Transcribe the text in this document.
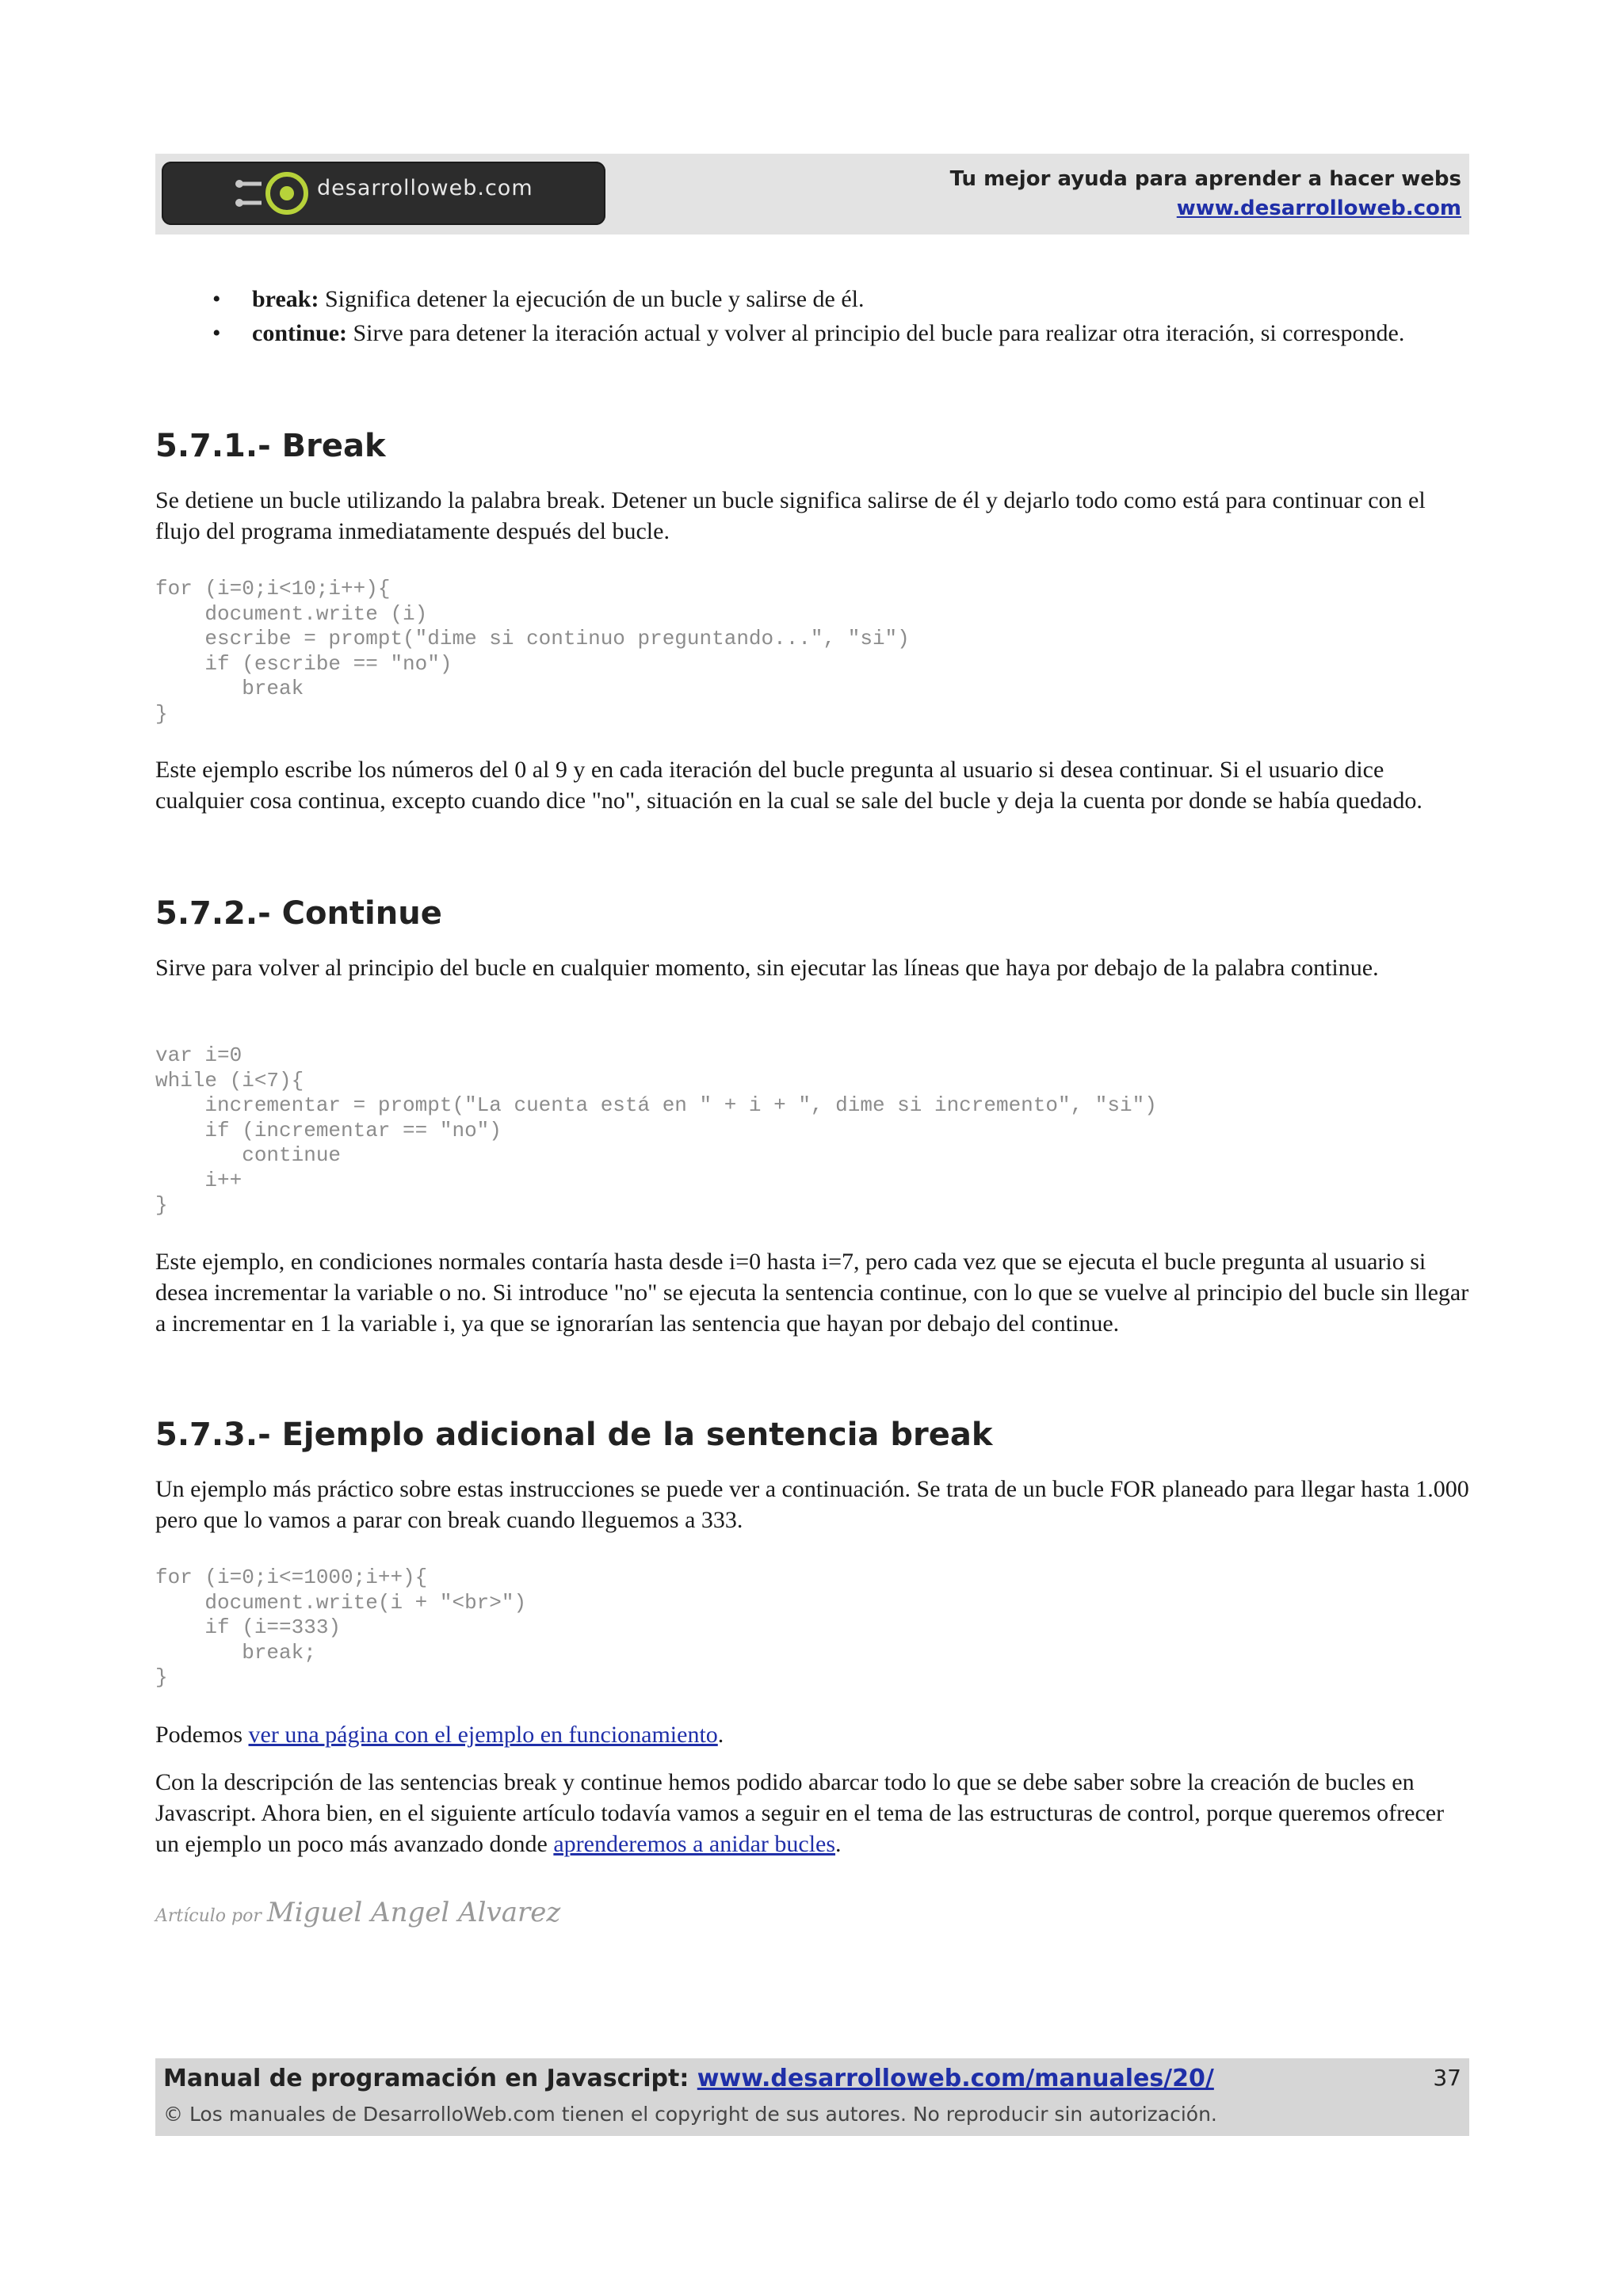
desarrolloweb.com	Tu mejor ayuda para aprender a hacer webs
www.desarrolloweb.com
• break: Significa detener la ejecución de un bucle y salirse de él.
• continue: Sirve para detener la iteración actual y volver al principio del bucle para realizar otra iteración, si corresponde.
5.7.1.- Break

Se detiene un bucle utilizando la palabra break. Detener un bucle significa salirse de él y dejarlo todo como está para continuar con el flujo del programa inmediatamente después del bucle.

for (i=0;i<10;i++){
document.write (i)
escribe = prompt("dime si continuo preguntando...", "si")
if (escribe == "no")
break
}

Este ejemplo escribe los números del 0 al 9 y en cada iteración del bucle pregunta al usuario si desea continuar. Si el usuario dice cualquier cosa continua, excepto cuando dice "no", situación en la cual se sale del bucle y deja la cuenta por donde se había quedado.

5.7.2.- Continue

Sirve para volver al principio del bucle en cualquier momento, sin ejecutar las líneas que haya por debajo de la palabra continue.

var i=0
while (i<7){
incrementar = prompt("La cuenta está en " + i + ", dime si incremento", "si")
if (incrementar == "no")
continue
i++
}

Este ejemplo, en condiciones normales contaría hasta desde i=0 hasta i=7, pero cada vez que se ejecuta el bucle pregunta al usuario si desea incrementar la variable o no. Si introduce "no" se ejecuta la sentencia continue, con lo que se vuelve al principio del bucle sin llegar a incrementar en 1 la variable i, ya que se ignorarían las sentencia que hayan por debajo del continue.

5.7.3.- Ejemplo adicional de la sentencia break

Un ejemplo más práctico sobre estas instrucciones se puede ver a continuación. Se trata de un bucle FOR planeado para llegar hasta 1.000 pero que lo vamos a parar con break cuando lleguemos a 333.

for (i=0;i<=1000;i++){
document.write(i + "<br>")
if (i==333)
break;
}

Podemos ver una página con el ejemplo en funcionamiento.

Con la descripción de las sentencias break y continue hemos podido abarcar todo lo que se debe saber sobre la creación de bucles en Javascript. Ahora bien, en el siguiente artículo todavía vamos a seguir en el tema de las estructuras de control, porque queremos ofrecer un ejemplo un poco más avanzado donde aprenderemos a anidar bucles.

Artículo por Miguel Angel Alvarez
Manual de programación en Javascript: www.desarrolloweb.com/manuales/20/
© Los manuales de DesarrolloWeb.com tienen el copyright de sus autores. No reproducir sin autorización.
37
